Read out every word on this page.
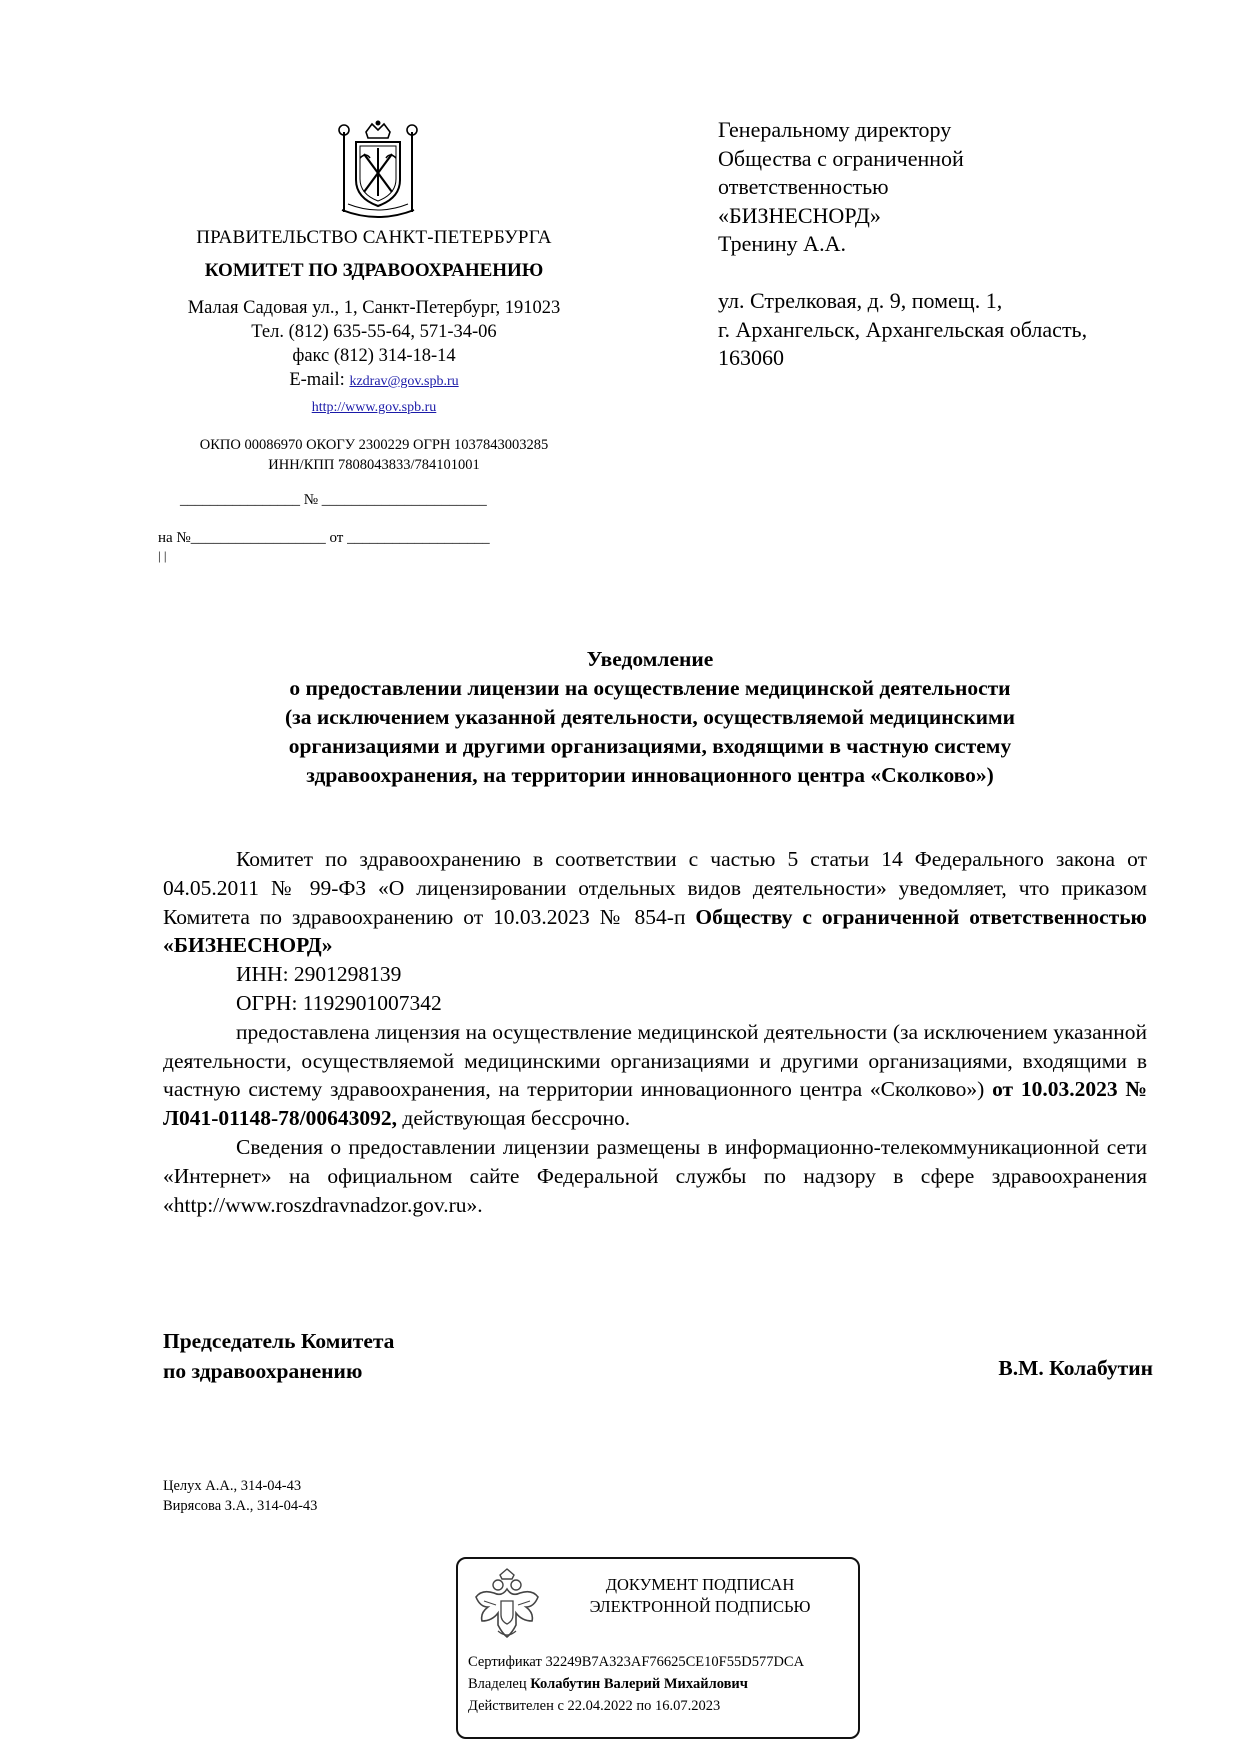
ПРАВИТЕЛЬСТВО САНКТ-ПЕТЕРБУРГА
КОМИТЕТ ПО ЗДРАВООХРАНЕНИЮ
Малая Садовая ул., 1, Санкт-Петербург, 191023
Тел. (812) 635-55-64, 571-34-06
факс (812) 314-18-14
E-mail: kzdrav@gov.spb.ru
http://www.gov.spb.ru
ОКПО 00086970 ОКОГУ 2300229 ОГРН 1037843003285
ИНН/КПП 7808043833/784101001
________________ № ______________________
на №__________________ от ___________________
| |
Генеральному директору
Общества с ограниченной
ответственностью
«БИЗНЕСНОРД»
Тренину А.А.
ул. Стрелковая, д. 9, помещ. 1,
г. Архангельск, Архангельская область,
163060
Уведомление
о предоставлении лицензии на осуществление медицинской деятельности
(за исключением указанной деятельности, осуществляемой медицинскими
организациями и другими организациями, входящими в частную систему
здравоохранения, на территории инновационного центра «Сколково»)

Комитет по здравоохранению в соответствии с частью 5 статьи 14 Федерального закона от 04.05.2011 № 99-ФЗ «О лицензировании отдельных видов деятельности» уведомляет, что приказом Комитета по здравоохранению от 10.03.2023 № 854-п Обществу с ограниченной ответственностью «БИЗНЕСНОРД»

ИНН: 2901298139

ОГРН: 1192901007342

предоставлена лицензия на осуществление медицинской деятельности (за исключением указанной деятельности, осуществляемой медицинскими организациями и другими организациями, входящими в частную систему здравоохранения, на территории инновационного центра «Сколково») от 10.03.2023 № Л041-01148-78/00643092, действующая бессрочно.

Сведения о предоставлении лицензии размещены в информационно-телекоммуникационной сети «Интернет» на официальном сайте Федеральной службы по надзору в сфере здравоохранения «http://www.roszdravnadzor.gov.ru».

Председатель Комитета
по здравоохранению	В.М. Колабутин
Целух А.А., 314-04-43
Вирясова З.А., 314-04-43
ДОКУМЕНТ ПОДПИСАН
ЭЛЕКТРОННОЙ ПОДПИСЬЮ
Сертификат 32249B7A323AF76625CE10F55D577DCA
Владелец Колабутин Валерий Михайлович
Действителен с 22.04.2022 по 16.07.2023
